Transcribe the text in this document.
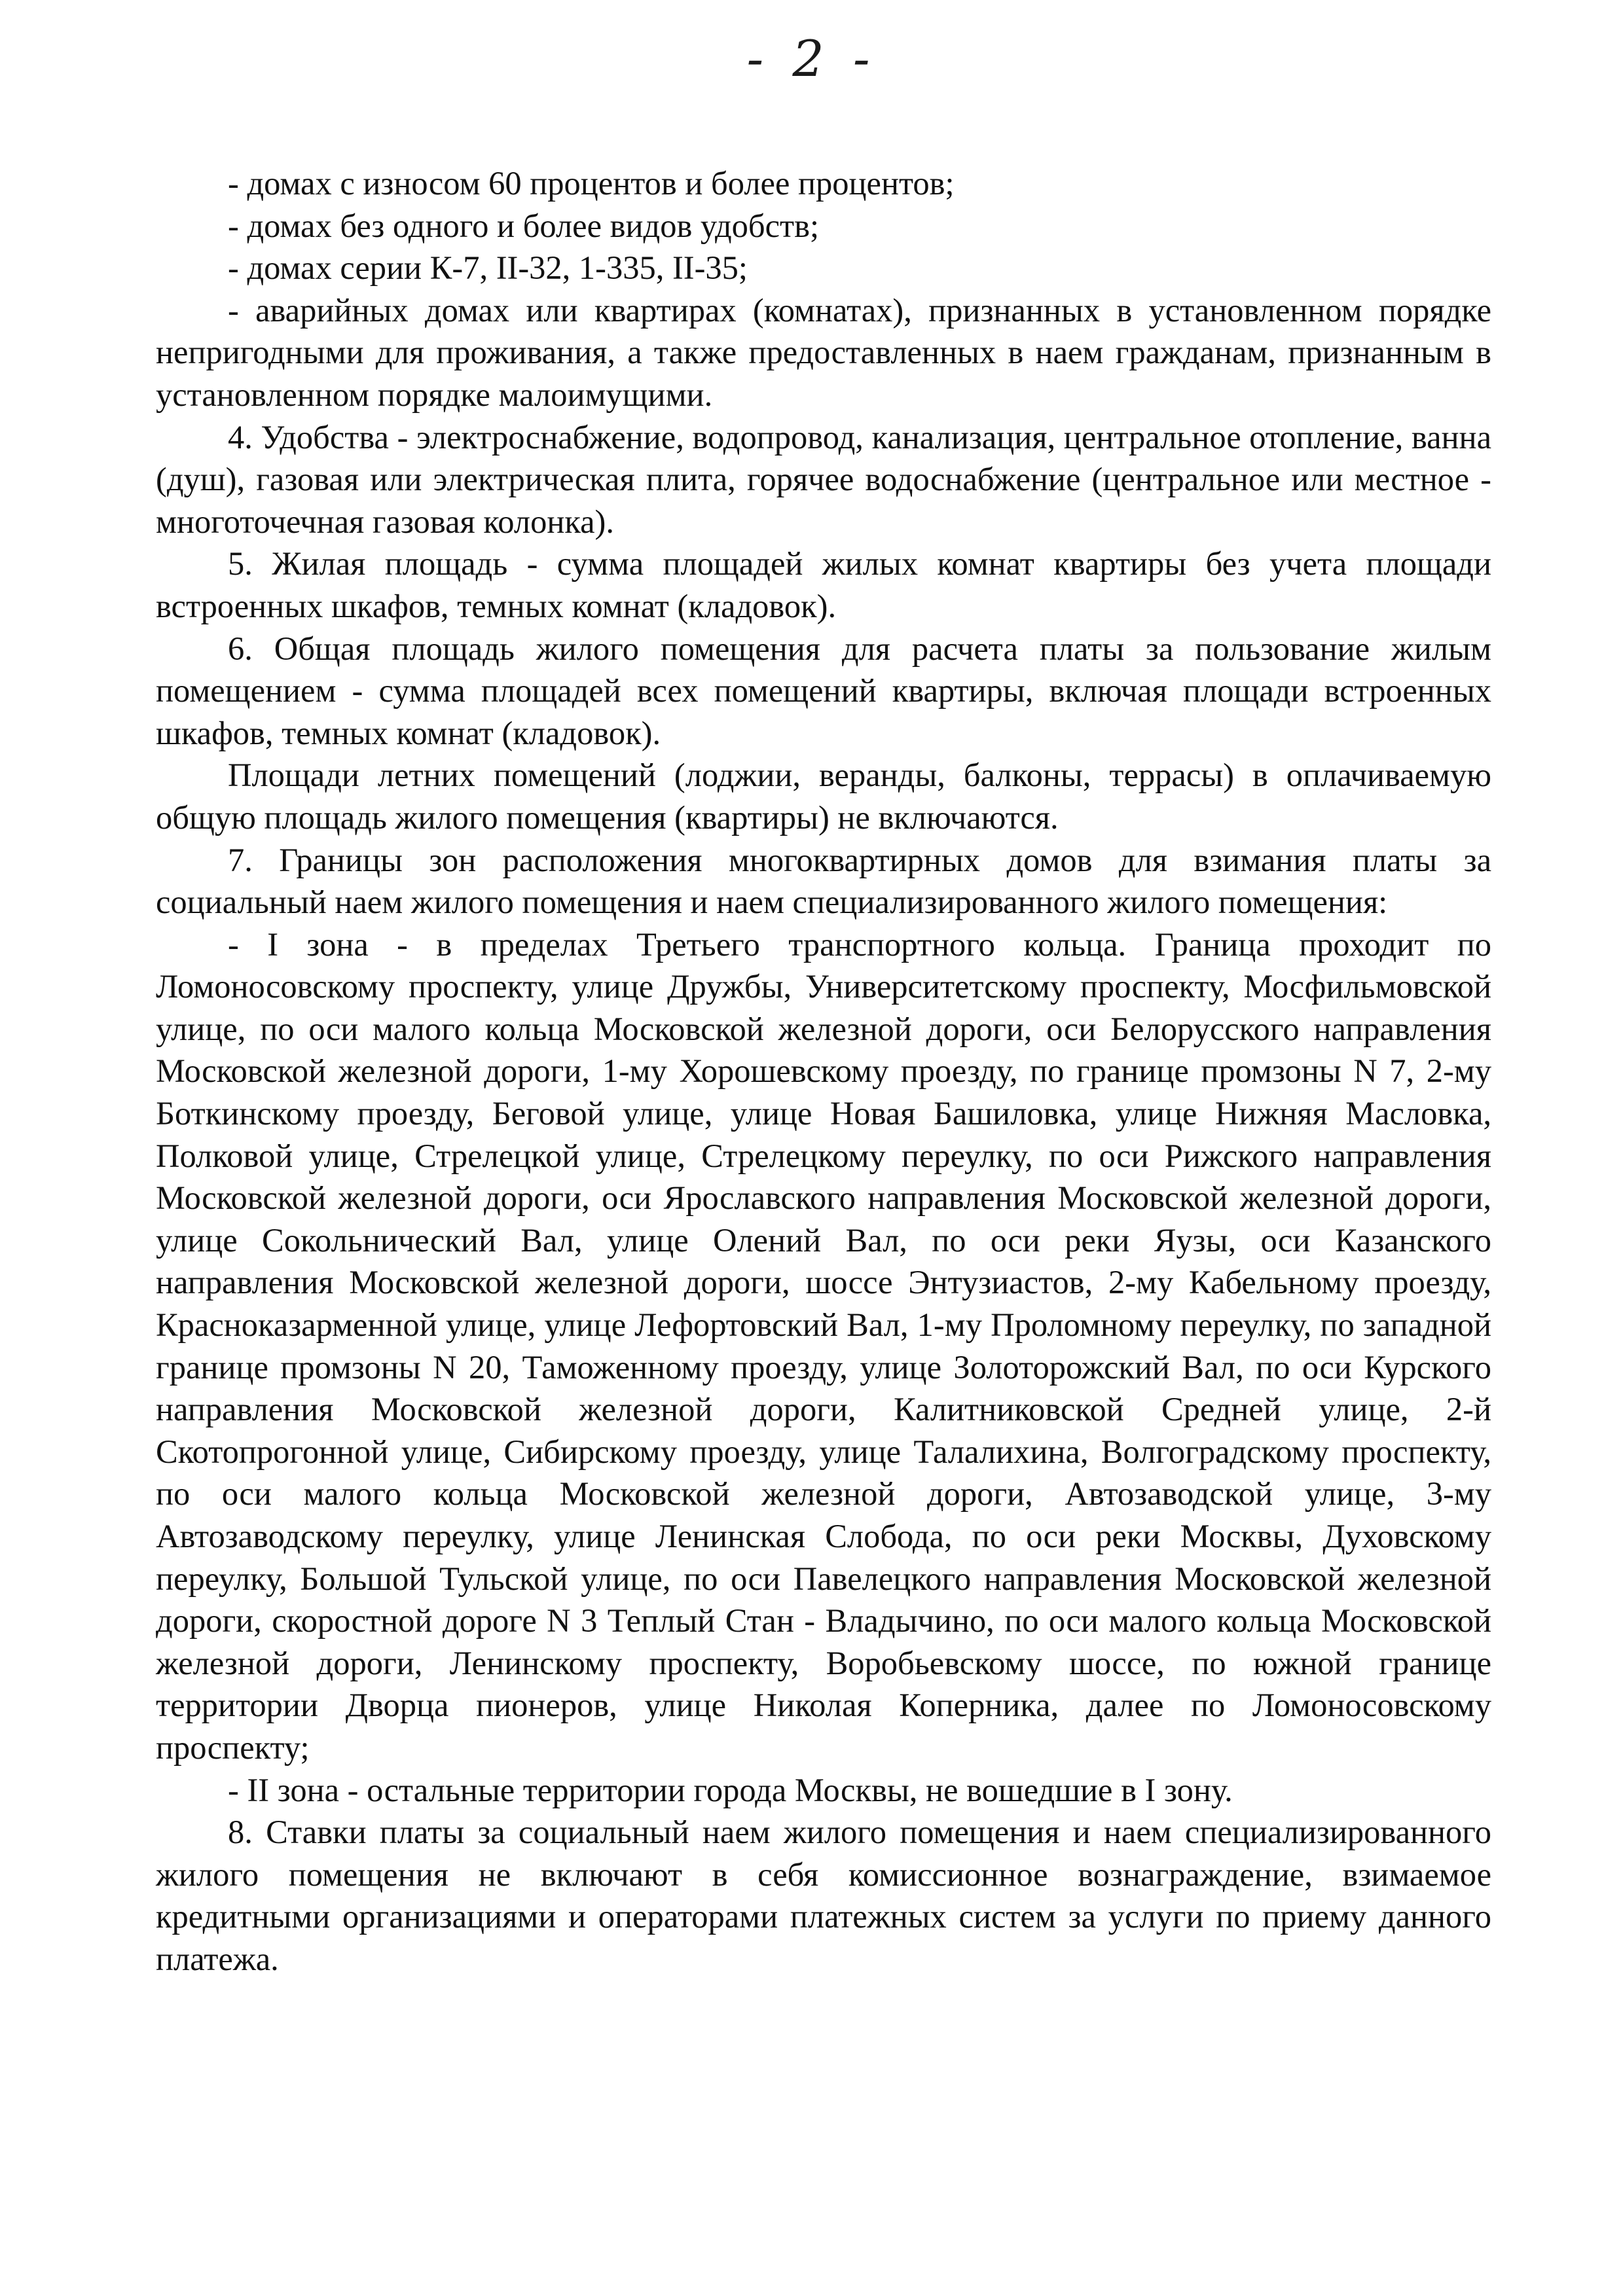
- 2 -

- домах с износом 60 процентов и более процентов;

- домах без одного и более видов удобств;

- домах серии К-7, II-32, 1-335, II-35;

- аварийных домах или квартирах (комнатах), признанных в установленном порядке непригодными для проживания, а также предоставленных в наем гражданам, признанным в установленном порядке малоимущими.

4. Удобства - электроснабжение, водопровод, канализация, центральное отопление, ванна (душ), газовая или электрическая плита, горячее водоснабжение (центральное или местное - многоточечная газовая колонка).

5. Жилая площадь - сумма площадей жилых комнат квартиры без учета площади встроенных шкафов, темных комнат (кладовок).

6. Общая площадь жилого помещения для расчета платы за пользование жилым помещением - сумма площадей всех помещений квартиры, включая площади встроенных шкафов, темных комнат (кладовок).

Площади летних помещений (лоджии, веранды, балконы, террасы) в оплачиваемую общую площадь жилого помещения (квартиры) не включаются.

7. Границы зон расположения многоквартирных домов для взимания платы за социальный наем жилого помещения и наем специализированного жилого помещения:

- I зона - в пределах Третьего транспортного кольца. Граница проходит по Ломоносовскому проспекту, улице Дружбы, Университетскому проспекту, Мосфильмовской улице, по оси малого кольца Московской железной дороги, оси Белорусского направления Московской железной дороги, 1-му Хорошевскому проезду, по границе промзоны N 7, 2-му Боткинскому проезду, Беговой улице, улице Новая Башиловка, улице Нижняя Масловка, Полковой улице, Стрелецкой улице, Стрелецкому переулку, по оси Рижского направления Московской железной дороги, оси Ярославского направления Московской железной дороги, улице Сокольнический Вал, улице Олений Вал, по оси реки Яузы, оси Казанского направления Московской железной дороги, шоссе Энтузиастов, 2-му Кабельному проезду, Красноказарменной улице, улице Лефортовский Вал, 1-му Проломному переулку, по западной границе промзоны N 20, Таможенному проезду, улице Золоторожский Вал, по оси Курского направления Московской железной дороги, Калитниковской Средней улице, 2-й Скотопрогонной улице, Сибирскому проезду, улице Талалихина, Волгоградскому проспекту, по оси малого кольца Московской железной дороги, Автозаводской улице, 3-му Автозаводскому переулку, улице Ленинская Слобода, по оси реки Москвы, Духовскому переулку, Большой Тульской улице, по оси Павелецкого направления Московской железной дороги, скоростной дороге N 3 Теплый Стан - Владычино, по оси малого кольца Московской железной дороги, Ленинскому проспекту, Воробьевскому шоссе, по южной границе территории Дворца пионеров, улице Николая Коперника, далее по Ломоносовскому проспекту;

- II зона - остальные территории города Москвы, не вошедшие в I зону.

8. Ставки платы за социальный наем жилого помещения и наем специализированного жилого помещения не включают в себя комиссионное вознаграждение, взимаемое кредитными организациями и операторами платежных систем за услуги по приему данного платежа.
